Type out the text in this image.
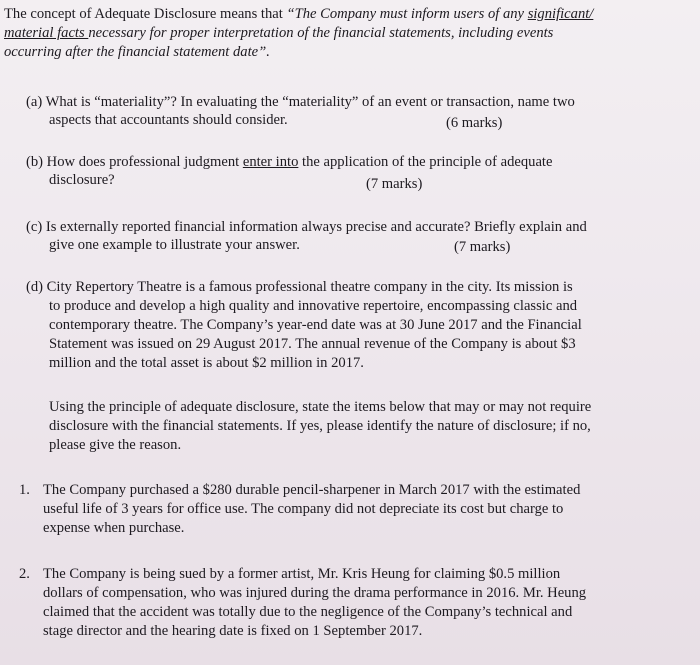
The concept of Adequate Disclosure means that “The Company must inform users of any significant/
material facts necessary for proper interpretation of the financial statements, including events
occurring after the financial statement date”.
(a) What is “materiality”? In evaluating the “materiality” of an event or transaction, name two
aspects that accountants should consider.	(6 marks)
(b) How does professional judgment enter into the application of the principle of adequate
disclosure?	(7 marks)
(c) Is externally reported financial information always precise and accurate? Briefly explain and
give one example to illustrate your answer.	(7 marks)
(d) City Repertory Theatre is a famous professional theatre company in the city. Its mission is
to produce and develop a high quality and innovative repertoire, encompassing classic and
contemporary theatre. The Company’s year-end date was at 30 June 2017 and the Financial
Statement was issued on 29 August 2017. The annual revenue of the Company is about $3
million and the total asset is about $2 million in 2017.
Using the principle of adequate disclosure, state the items below that may or may not require
disclosure with the financial statements. If yes, please identify the nature of disclosure; if no,
please give the reason.
1. The Company purchased a $280 durable pencil-sharpener in March 2017 with the estimated
useful life of 3 years for office use. The company did not depreciate its cost but charge to
expense when purchase.
2. The Company is being sued by a former artist, Mr. Kris Heung for claiming $0.5 million
dollars of compensation, who was injured during the drama performance in 2016. Mr. Heung
claimed that the accident was totally due to the negligence of the Company’s technical and
stage director and the hearing date is fixed on 1 September 2017.
